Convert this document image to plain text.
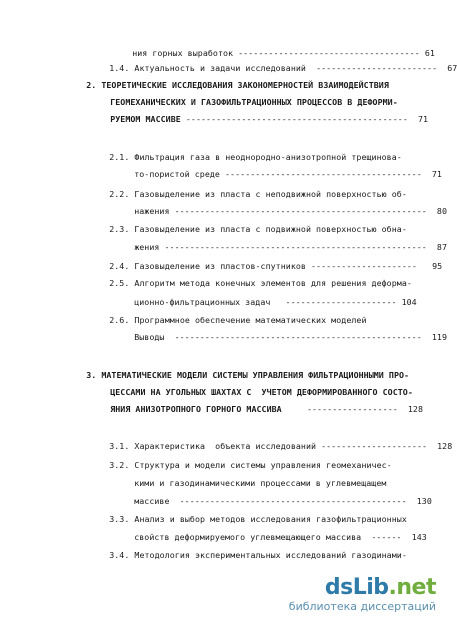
ния горных выработок ------------------------------------ 61

1.4. Актуальность и задачи исследований ------------------------ 67

2. ТЕОРЕТИЧЕСКИЕ ИССЛЕДОВАНИЯ ЗАКОНОМЕРНОСТЕЙ ВЗАИМОДЕЙСТВИЯ

ГЕОМЕХАНИЧЕСКИХ И ГАЗОФИЛЬТРАЦИОННЫХ ПРОЦЕССОВ В ДЕФОРМИ-

РУЕМОМ МАССИВЕ -------------------------------------------- 71

2.1. Фильтрация газа в неоднородно-анизотропной трещинова-

то-пористой среде --------------------------------------- 71

2.2. Газовыделение из пласта с неподвижной поверхностью об-

нажения -------------------------------------------------- 80

2.3. Газовыделение из пласта с подвижной поверхностью обна-

жения ---------------------------------------------------- 87

2.4. Газовыделение из пластов-спутников --------------------- 95

2.5. Алгоритм метода конечных элементов для решения деформа-

ционно-фильтрационных задач ---------------------- 104

2.6. Программное обеспечение математических моделей

Выводы ------------------------------------------------- 119

3. МАТЕМАТИЧЕСКИЕ МОДЕЛИ СИСТЕМЫ УПРАВЛЕНИЯ ФИЛЬТРАЦИОННЫМИ ПРО-

ЦЕССАМИ НА УГОЛЬНЫХ ШАХТАХ С  УЧЕТОМ ДЕФОРМИРОВАННОГО СОСТО-

ЯНИЯ АНИЗОТРОПНОГО ГОРНОГО МАССИВА	------------------ 128

3.1. Характеристика  объекта исследований --------------------- 128

3.2. Структура и модели системы управления геомеханичес-

кими и газодинамическими процессами в углевмещащем

массиве --------------------------------------------- 130

3.3. Анализ и выбор методов исследования газофильтрационных

свойств деформируемого углевмещающего массива ------ 143

3.4. Методология экспериментальных исследований газодинами-

dsLib.net
библиотека диссертаций
